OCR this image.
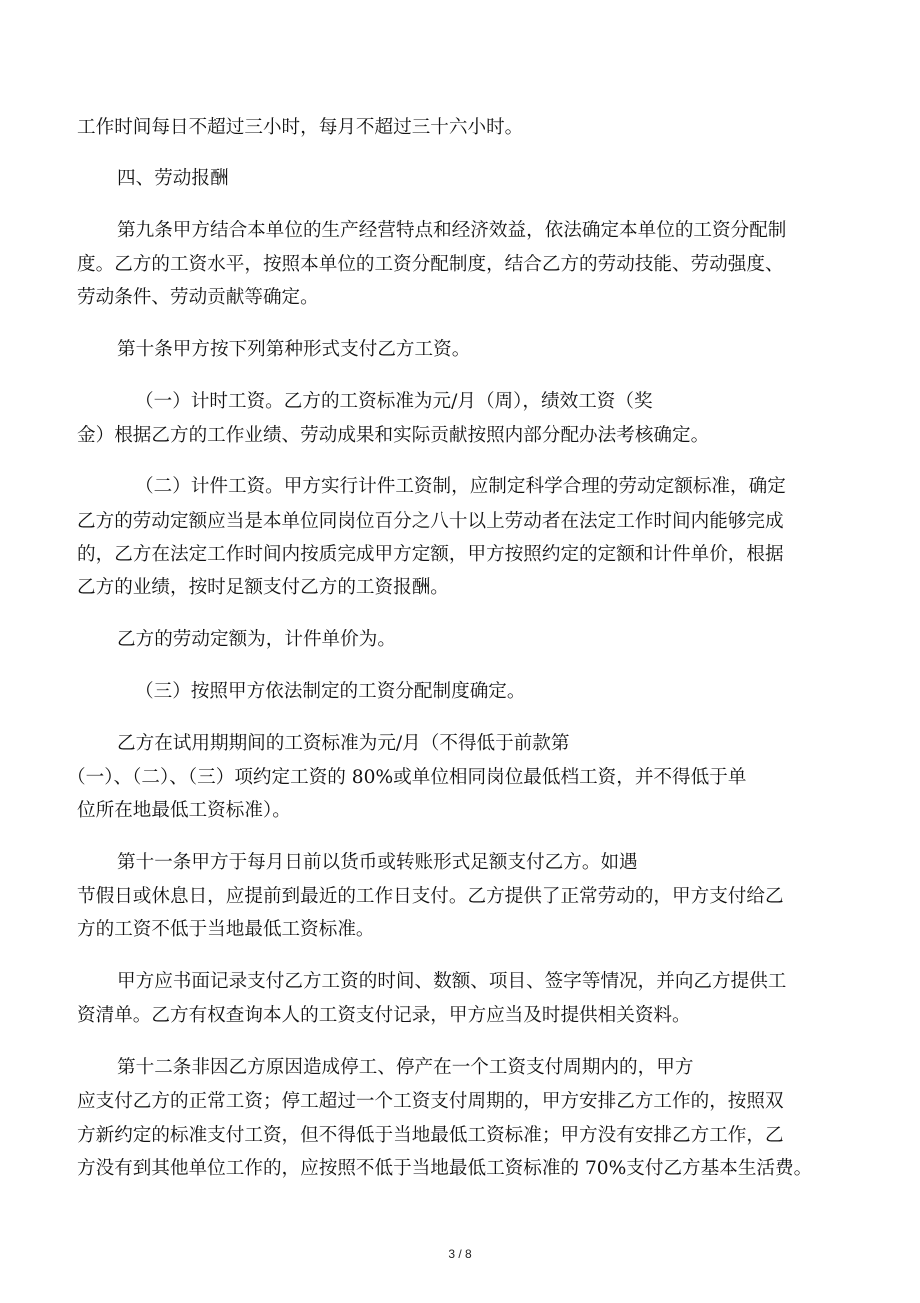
工作时间每日不超过三小时，每月不超过三十六小时。

四、劳动报酬

第九条甲方结合本单位的生产经营特点和经济效益，依法确定本单位的工资分配制

度。乙方的工资水平，按照本单位的工资分配制度，结合乙方的劳动技能、劳动强度、

劳动条件、劳动贡献等确定。

第十条甲方按下列第种形式支付乙方工资。

（一）计时工资。乙方的工资标准为元/月（周），绩效工资（奖

金）根据乙方的工作业绩、劳动成果和实际贡献按照内部分配办法考核确定。

（二）计件工资。甲方实行计件工资制，应制定科学合理的劳动定额标准，确定

乙方的劳动定额应当是本单位同岗位百分之八十以上劳动者在法定工作时间内能够完成

的，乙方在法定工作时间内按质完成甲方定额，甲方按照约定的定额和计件单价，根据

乙方的业绩，按时足额支付乙方的工资报酬。

乙方的劳动定额为，计件单价为。

（三）按照甲方依法制定的工资分配制度确定。

乙方在试用期期间的工资标准为元/月（不得低于前款第

（一）、（二）、（三）项约定工资的 80%或单位相同岗位最低档工资，并不得低于单

位所在地最低工资标准）。

第十一条甲方于每月日前以货币或转账形式足额支付乙方。如遇

节假日或休息日，应提前到最近的工作日支付。乙方提供了正常劳动的，甲方支付给乙

方的工资不低于当地最低工资标准。

甲方应书面记录支付乙方工资的时间、数额、项目、签字等情况，并向乙方提供工

资清单。乙方有权查询本人的工资支付记录，甲方应当及时提供相关资料。

第十二条非因乙方原因造成停工、停产在一个工资支付周期内的，甲方

应支付乙方的正常工资；停工超过一个工资支付周期的，甲方安排乙方工作的，按照双

方新约定的标准支付工资，但不得低于当地最低工资标准；甲方没有安排乙方工作，乙

方没有到其他单位工作的，应按照不低于当地最低工资标准的 70%支付乙方基本生活费。

3 / 8
